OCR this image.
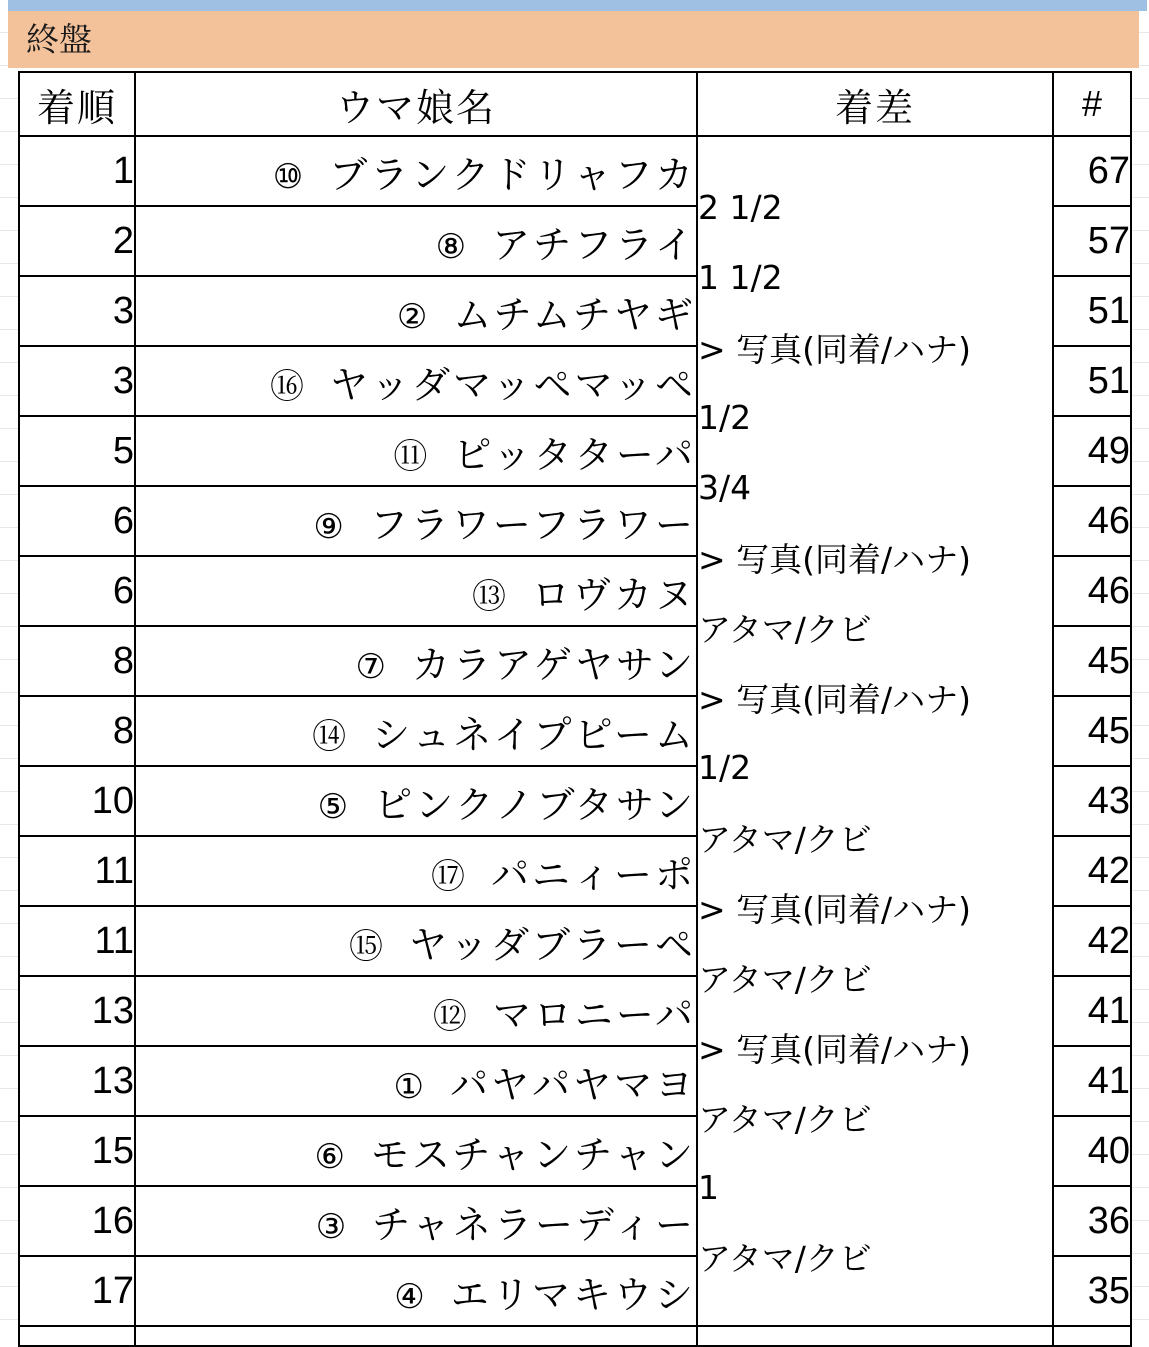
終盤
着順	ウマ娘名	着差	#
1	⑩ ブランクドリャフカ		67
2	⑧ アチフライ	2 1/2	57
3	② ムチムチヤギ	1 1/2	51
3	⑯ ヤッダマッペマッペ	> 写真(同着/ハナ)	51
5	⑪ ピッタターパ	1/2	49
6	⑨ フラワーフラワー	3/4	46
6	⑬ ロヴカヌ	> 写真(同着/ハナ)	46
8	⑦ カラアゲヤサン	アタマ/クビ	45
8	⑭ シュネイプピーム	> 写真(同着/ハナ)	45
10	⑤ ピンクノブタサン	1/2	43
11	⑰ パニィーポ	アタマ/クビ	42
11	⑮ ヤッダブラーペ	> 写真(同着/ハナ)	42
13	⑫ マロニーパ	アタマ/クビ	41
13	① パヤパヤマヨ	> 写真(同着/ハナ)	41
15	⑥ モスチャンチャン	アタマ/クビ	40
16	③ チャネラーディー	1	36
17	④ エリマキウシ	アタマ/クビ	35
